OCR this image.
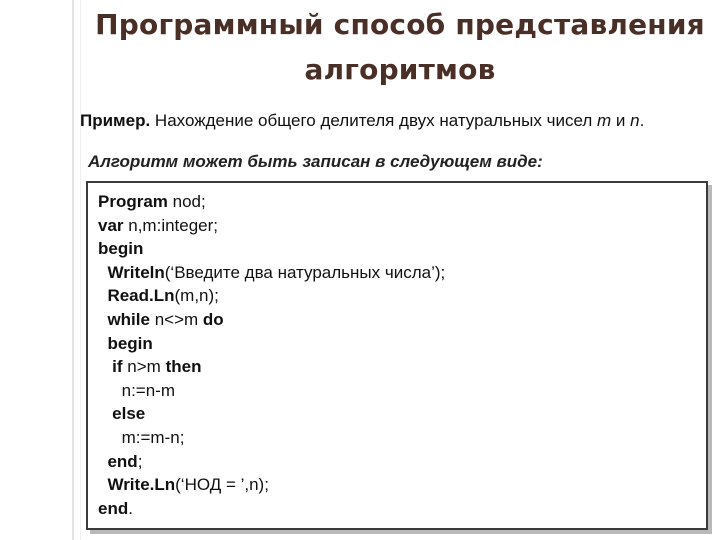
Программный способ представления
алгоритмов
Пример. Нахождение общего делителя двух натуральных чисел m и n.
Алгоритм может быть записан в следующем виде:
Program nod;
var n,m:integer;
begin
Writeln(‘Введите два натуральных числа’);
Read.Ln(m,n);
while n<>m do
begin
if n>m then
n:=n-m
else
m:=m-n;
end;
Write.Ln(‘НОД = ’,n);
end.
